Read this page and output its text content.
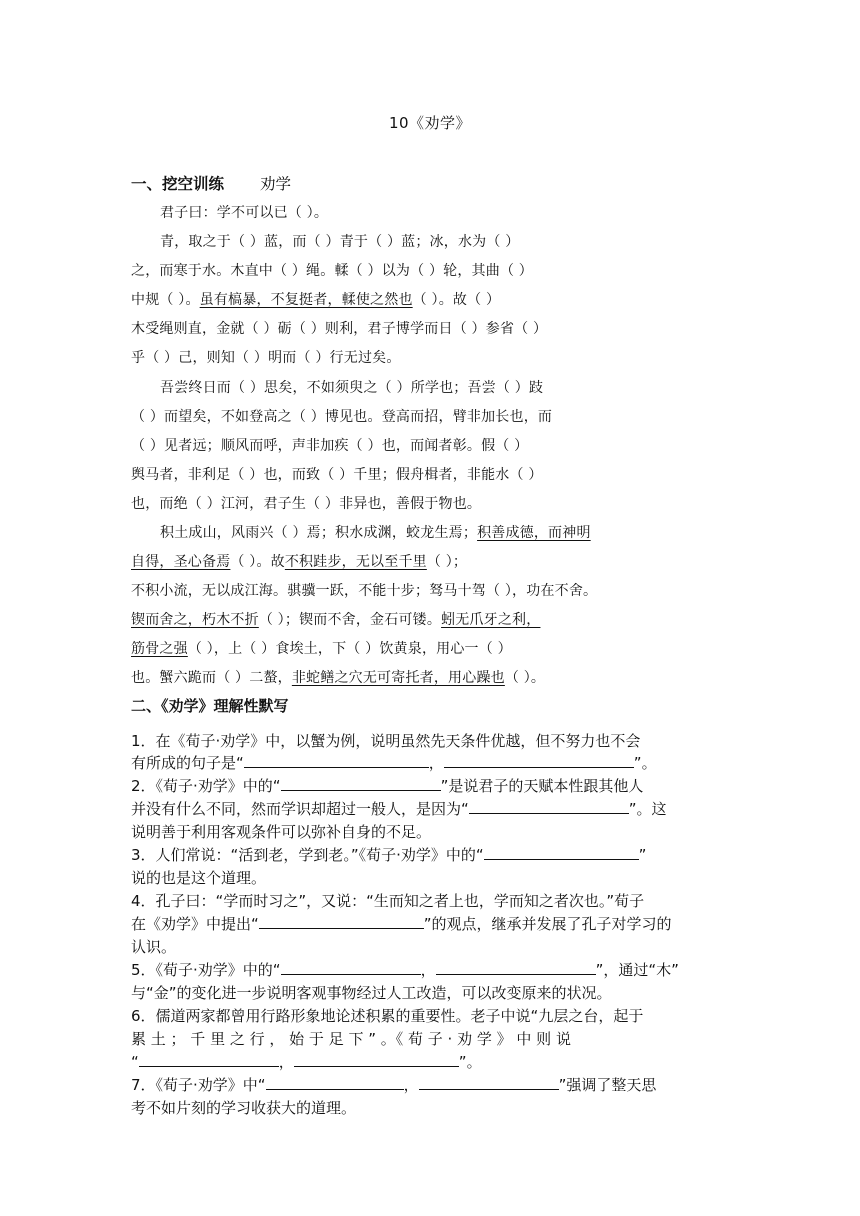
10《劝学》
一、挖空训练 劝学
君子曰：学不可以已（ ）。
青，取之于（ ）蓝，而（ ）青于（ ）蓝；冰，水为（ ）
之，而寒于水。木直中（ ）绳。輮（ ）以为（ ）轮，其曲（ ）
中规（ ）。虽有槁暴，不复挺者，輮使之然也（ ）。故（ ）
木受绳则直，金就（ ）砺（ ）则利，君子博学而日（ ）参省（ ）
乎（ ）己，则知（ ）明而（ ）行无过矣。
吾尝终日而（ ）思矣，不如须臾之（ ）所学也；吾尝（ ）跂
（ ）而望矣，不如登高之（ ）博见也。登高而招，臂非加长也，而
（ ）见者远；顺风而呼，声非加疾（ ）也，而闻者彰。假（ ）
舆马者，非利足（ ）也，而致（ ）千里；假舟楫者，非能水（ ）
也，而绝（ ）江河，君子生（ ）非异也，善假于物也。
积土成山，风雨兴（ ）焉；积水成渊，蛟龙生焉；积善成德，而神明
自得，圣心备焉（ ）。故不积跬步，无以至千里（ ）；
不积小流，无以成江海。骐骥一跃，不能十步；驽马十驾（ ），功在不舍。
锲而舍之，朽木不折（ ）；锲而不舍，金石可镂。蚓无爪牙之利，
筋骨之强（ ），上（ ）食埃土，下（ ）饮黄泉，用心一（ ）
也。蟹六跪而（ ）二螯，非蛇鳝之穴无可寄托者，用心躁也（ ）。
二、《劝学》理解性默写
1．在《荀子·劝学》中，以蟹为例，说明虽然先天条件优越，但不努力也不会
有所成的句子是“	，	”。
2．《荀子·劝学》中的“	”是说君子的天赋本性跟其他人
并没有什么不同，然而学识却超过一般人，是因为“	”。这
说明善于利用客观条件可以弥补自身的不足。
3．人们常说：“活到老，学到老。”《荀子·劝学》中的“	”
说的也是这个道理。
4．孔子曰：“学而时习之”，又说：“生而知之者上也，学而知之者次也。”荀子
在《劝学》中提出“	”的观点，继承并发展了孔子对学习的
认识。
5．《荀子·劝学》中的“	，	”，通过“木”
与“金”的变化进一步说明客观事物经过人工改造，可以改变原来的状况。
6．儒道两家都曾用行路形象地论述积累的重要性。老子中说“九层之台，起于
累 土 ； 千 里 之 行 ， 始 于 足 下 ” 。《 荀 子 · 劝 学 》 中 则 说
“	，	”。
7．《荀子·劝学》中“	，	”强调了整天思
考不如片刻的学习收获大的道理。
